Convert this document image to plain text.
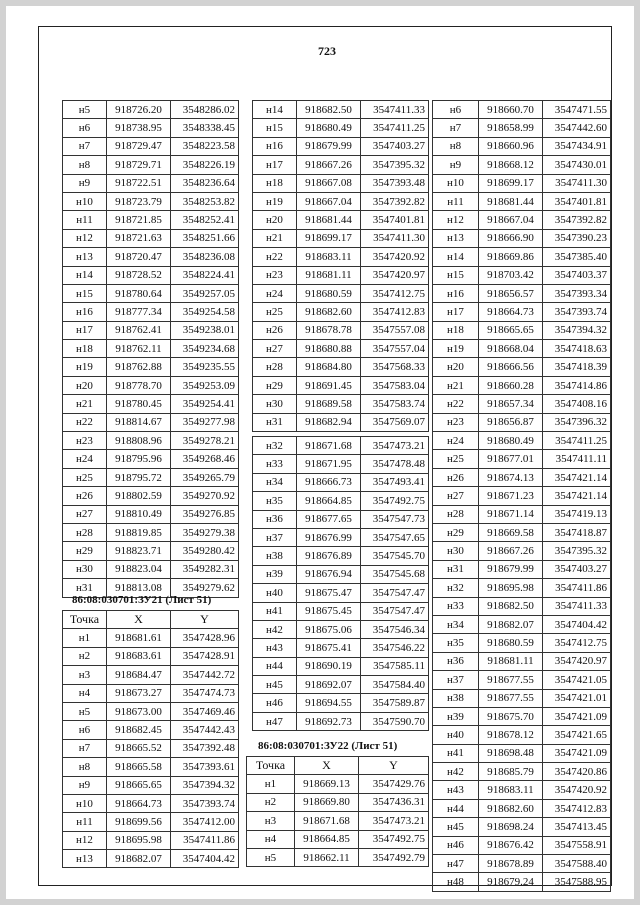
723
н5	918726.20	3548286.02
н6	918738.95	3548338.45
н7	918729.47	3548223.58
н8	918729.71	3548226.19
н9	918722.51	3548236.64
н10	918723.79	3548253.82
н11	918721.85	3548252.41
н12	918721.63	3548251.66
н13	918720.47	3548236.08
н14	918728.52	3548224.41
н15	918780.64	3549257.05
н16	918777.34	3549254.58
н17	918762.41	3549238.01
н18	918762.11	3549234.68
н19	918762.88	3549235.55
н20	918778.70	3549253.09
н21	918780.45	3549254.41
н22	918814.67	3549277.98
н23	918808.96	3549278.21
н24	918795.96	3549268.46
н25	918795.72	3549265.79
н26	918802.59	3549270.92
н27	918810.49	3549276.85
н28	918819.85	3549279.38
н29	918823.71	3549280.42
н30	918823.04	3549282.31
н31	918813.08	3549279.62
86:08:030701:ЗУ21 (Лист 51)
Точка	X	Y
н1	918681.61	3547428.96
н2	918683.61	3547428.91
н3	918684.47	3547442.72
н4	918673.27	3547474.73
н5	918673.00	3547469.46
н6	918682.45	3547442.43
н7	918665.52	3547392.48
н8	918665.58	3547393.61
н9	918665.65	3547394.32
н10	918664.73	3547393.74
н11	918699.56	3547412.00
н12	918695.98	3547411.86
н13	918682.07	3547404.42
н14	918682.50	3547411.33
н15	918680.49	3547411.25
н16	918679.99	3547403.27
н17	918667.26	3547395.32
н18	918667.08	3547393.48
н19	918667.04	3547392.82
н20	918681.44	3547401.81
н21	918699.17	3547411.30
н22	918683.11	3547420.92
н23	918681.11	3547420.97
н24	918680.59	3547412.75
н25	918682.60	3547412.83
н26	918678.78	3547557.08
н27	918680.88	3547557.04
н28	918684.80	3547568.33
н29	918691.45	3547583.04
н30	918689.58	3547583.74
н31	918682.94	3547569.07
н32	918671.68	3547473.21
н33	918671.95	3547478.48
н34	918666.73	3547493.41
н35	918664.85	3547492.75
н36	918677.65	3547547.73
н37	918676.99	3547547.65
н38	918676.89	3547545.70
н39	918676.94	3547545.68
н40	918675.47	3547547.47
н41	918675.45	3547547.47
н42	918675.06	3547546.34
н43	918675.41	3547546.22
н44	918690.19	3547585.11
н45	918692.07	3547584.40
н46	918694.55	3547589.87
н47	918692.73	3547590.70
86:08:030701:ЗУ22 (Лист 51)
Точка	X	Y
н1	918669.13	3547429.76
н2	918669.80	3547436.31
н3	918671.68	3547473.21
н4	918664.85	3547492.75
н5	918662.11	3547492.79
н6	918660.70	3547471.55
н7	918658.99	3547442.60
н8	918660.96	3547434.91
н9	918668.12	3547430.01
н10	918699.17	3547411.30
н11	918681.44	3547401.81
н12	918667.04	3547392.82
н13	918666.90	3547390.23
н14	918669.86	3547385.40
н15	918703.42	3547403.37
н16	918656.57	3547393.34
н17	918664.73	3547393.74
н18	918665.65	3547394.32
н19	918668.04	3547418.63
н20	918666.56	3547418.39
н21	918660.28	3547414.86
н22	918657.34	3547408.16
н23	918656.87	3547396.32
н24	918680.49	3547411.25
н25	918677.01	3547411.11
н26	918674.13	3547421.14
н27	918671.23	3547421.14
н28	918671.14	3547419.13
н29	918669.58	3547418.87
н30	918667.26	3547395.32
н31	918679.99	3547403.27
н32	918695.98	3547411.86
н33	918682.50	3547411.33
н34	918682.07	3547404.42
н35	918680.59	3547412.75
н36	918681.11	3547420.97
н37	918677.55	3547421.05
н38	918677.55	3547421.01
н39	918675.70	3547421.09
н40	918678.12	3547421.65
н41	918698.48	3547421.09
н42	918685.79	3547420.86
н43	918683.11	3547420.92
н44	918682.60	3547412.83
н45	918698.24	3547413.45
н46	918676.42	3547558.91
н47	918678.89	3547588.40
н48	918679.24	3547588.95
